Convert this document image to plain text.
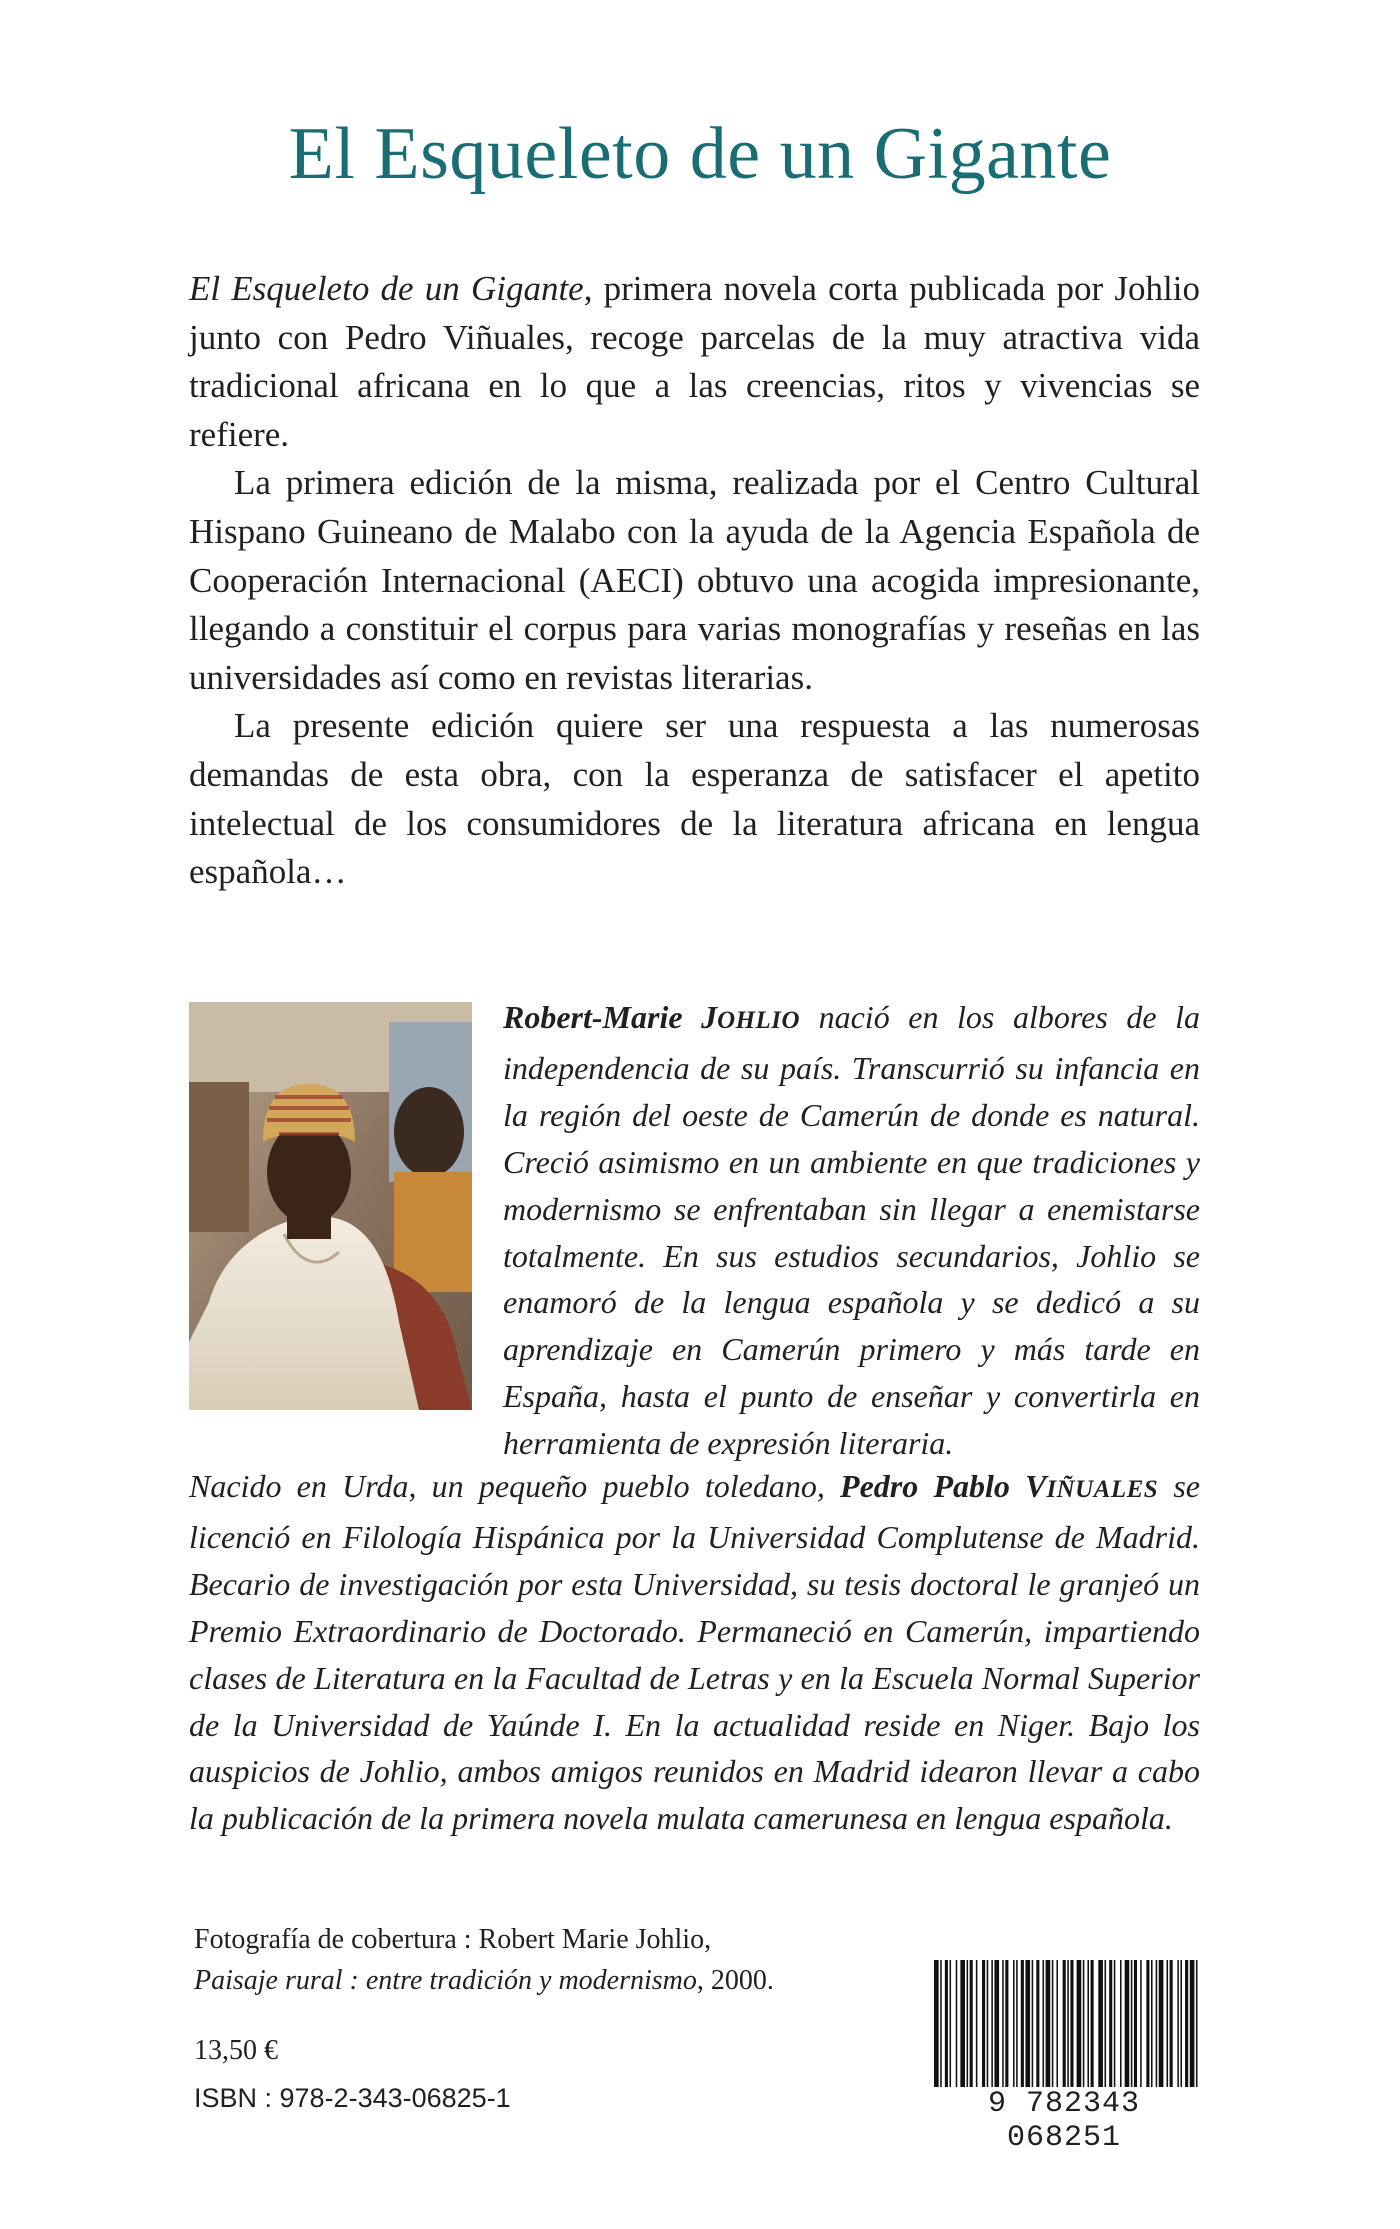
El Esqueleto de un Gigante

El Esqueleto de un Gigante, primera novela corta publicada por Johlio junto con Pedro Viñuales, recoge parcelas de la muy atractiva vida tradicional africana en lo que a las creencias, ritos y vivencias se refiere.

La primera edición de la misma, realizada por el Centro Cultural Hispano Guineano de Malabo con la ayuda de la Agencia Española de Cooperación Internacional (AECI) obtuvo una acogida impresionante, llegando a constituir el corpus para varias monografías y reseñas en las universidades así como en revistas literarias.

La presente edición quiere ser una respuesta a las numerosas demandas de esta obra, con la esperanza de satisfacer el apetito intelectual de los consumidores de la literatura africana en lengua española…

Robert-Marie JOHLIO nació en los albores de la independencia de su país. Transcurrió su infancia en la región del oeste de Camerún de donde es natural. Creció asimismo en un ambiente en que tradiciones y modernismo se enfrentaban sin llegar a enemistarse totalmente. En sus estudios secundarios, Johlio se enamoró de la lengua española y se dedicó a su aprendizaje en Camerún primero y más tarde en España, hasta el punto de enseñar y convertirla en herramienta de expresión literaria.

Nacido en Urda, un pequeño pueblo toledano, Pedro Pablo VIÑUALES se licenció en Filología Hispánica por la Universidad Complutense de Madrid. Becario de investigación por esta Universidad, su tesis doctoral le granjeó un Premio Extraordinario de Doctorado. Permaneció en Camerún, impartiendo clases de Literatura en la Facultad de Letras y en la Escuela Normal Superior de la Universidad de Yaúnde I. En la actualidad reside en Niger. Bajo los auspicios de Johlio, ambos amigos reunidos en Madrid idearon llevar a cabo la publicación de la primera novela mulata camerunesa en lengua española.

Fotografía de cobertura : Robert Marie Johlio,
Paisaje rural : entre tradición y modernismo, 2000.
13,50 €
ISBN : 978-2-343-06825-1	9 782343 068251
